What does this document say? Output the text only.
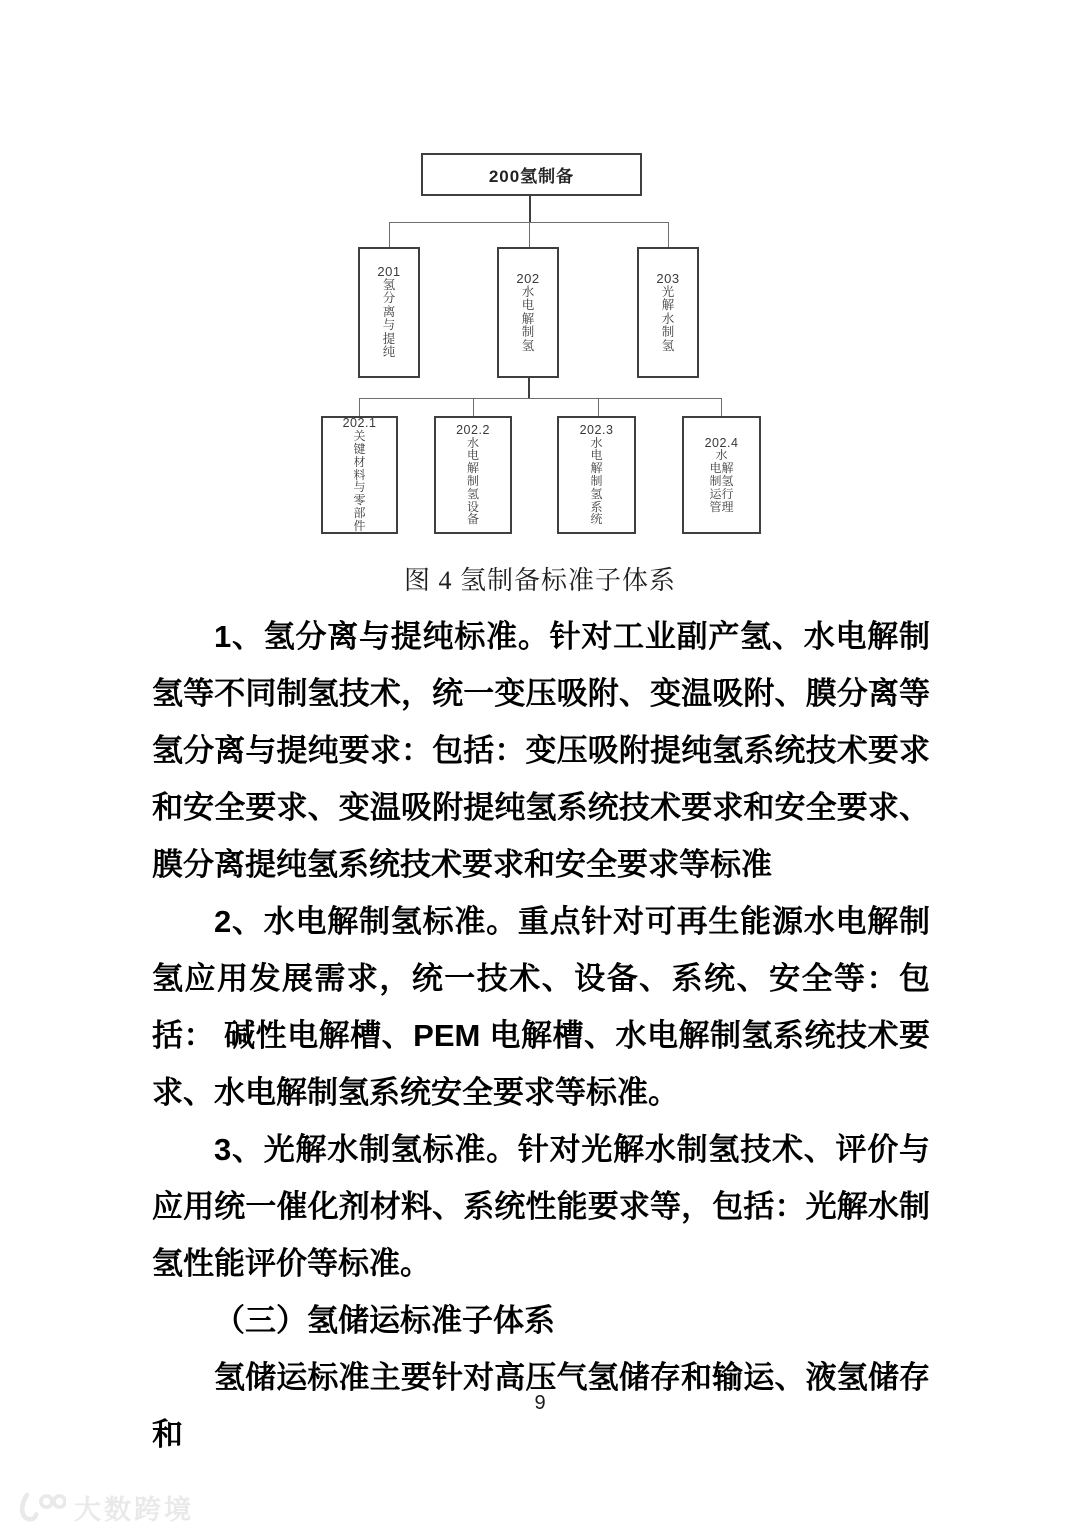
200氢制备
201
氢
分
离
与
提
纯
202
水
电
解
制
氢
203
光
解
水
制
氢
202.1
关
键
材
料
与
零
部
件
202.2
水
电
解
制
氢
设
备
202.3
水
电
解
制
氢
系
统
202.4
水
电解
制氢
运行
管理
图 4 氢制备标准子体系

1、氢分离与提纯标准。针对工业副产氢、水电解制氢等不同制氢技术，统一变压吸附、变温吸附、膜分离等氢分离与提纯要求：包括：变压吸附提纯氢系统技术要求和安全要求、变温吸附提纯氢系统技术要求和安全要求、膜分离提纯氢系统技术要求和安全要求等标准

2、水电解制氢标准。重点针对可再生能源水电解制氢应用发展需求，统一技术、设备、系统、安全等：包括： 碱性电解槽、PEM 电解槽、水电解制氢系统技术要求、水电解制氢系统安全要求等标准。

3、光解水制氢标准。针对光解水制氢技术、评价与应用统一催化剂材料、系统性能要求等，包括：光解水制氢性能评价等标准。

（三）氢储运标准子体系

氢储运标准主要针对高压气氢储存和输运、液氢储存和

9
大数跨境
